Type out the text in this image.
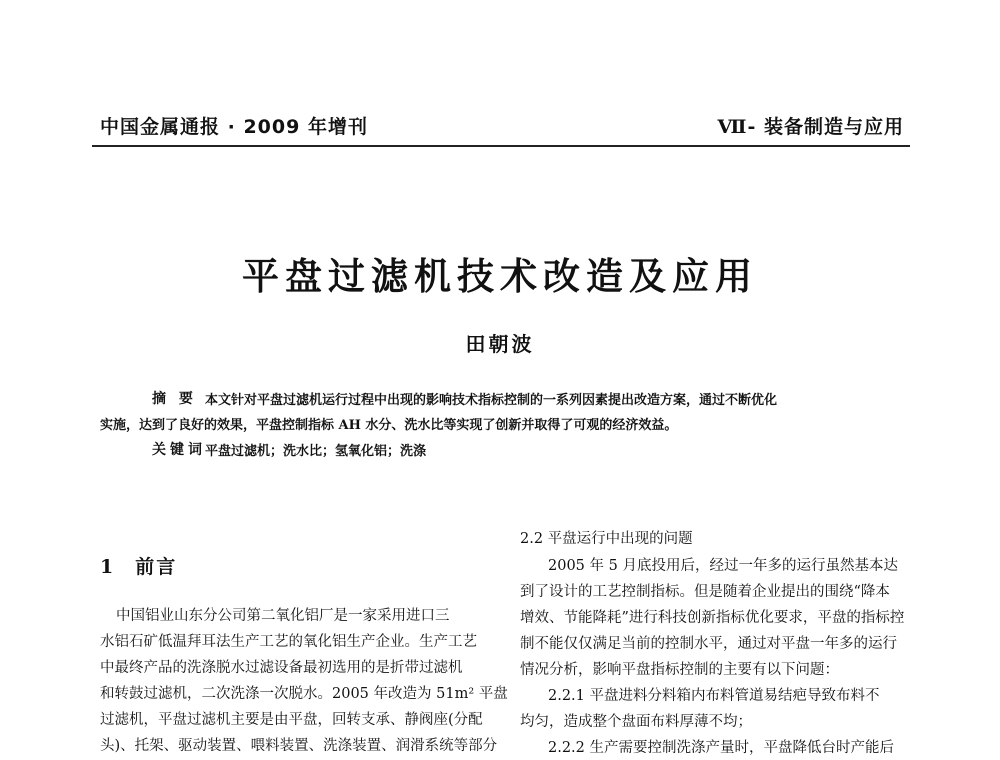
中国金属通报 · 2009 年增刊	Ⅶ- 装备制造与应用
平盘过滤机技术改造及应用
田朝波
摘 要 本文针对平盘过滤机运行过程中出现的影响技术指标控制的一系列因素提出改造方案，通过不断优化
实施，达到了良好的效果，平盘控制指标 AH 水分、洗水比等实现了创新并取得了可观的经济效益。
关键词 平盘过滤机；洗水比；氢氧化铝；洗涤
1 前言
中国铝业山东分公司第二氧化铝厂是一家采用进口三
水铝石矿低温拜耳法生产工艺的氧化铝生产企业。生产工艺
中最终产品的洗涤脱水过滤设备最初选用的是折带过滤机
和转鼓过滤机，二次洗涤一次脱水。2005 年改造为 51m² 平盘
过滤机，平盘过滤机主要是由平盘，回转支承、静阀座(分配
头)、托架、驱动装置、喂料装置、洗涤装置、润滑系统等部分
2.2 平盘运行中出现的问题
2005 年 5 月底投用后，经过一年多的运行虽然基本达
到了设计的工艺控制指标。但是随着企业提出的围绕“降本
增效、节能降耗”进行科技创新指标优化要求，平盘的指标控
制不能仅仅满足当前的控制水平，通过对平盘一年多的运行
情况分析，影响平盘指标控制的主要有以下问题：
2.2.1 平盘进料分料箱内布料管道易结疤导致布料不
均匀，造成整个盘面布料厚薄不均；
2.2.2 生产需要控制洗涤产量时，平盘降低台时产能后
